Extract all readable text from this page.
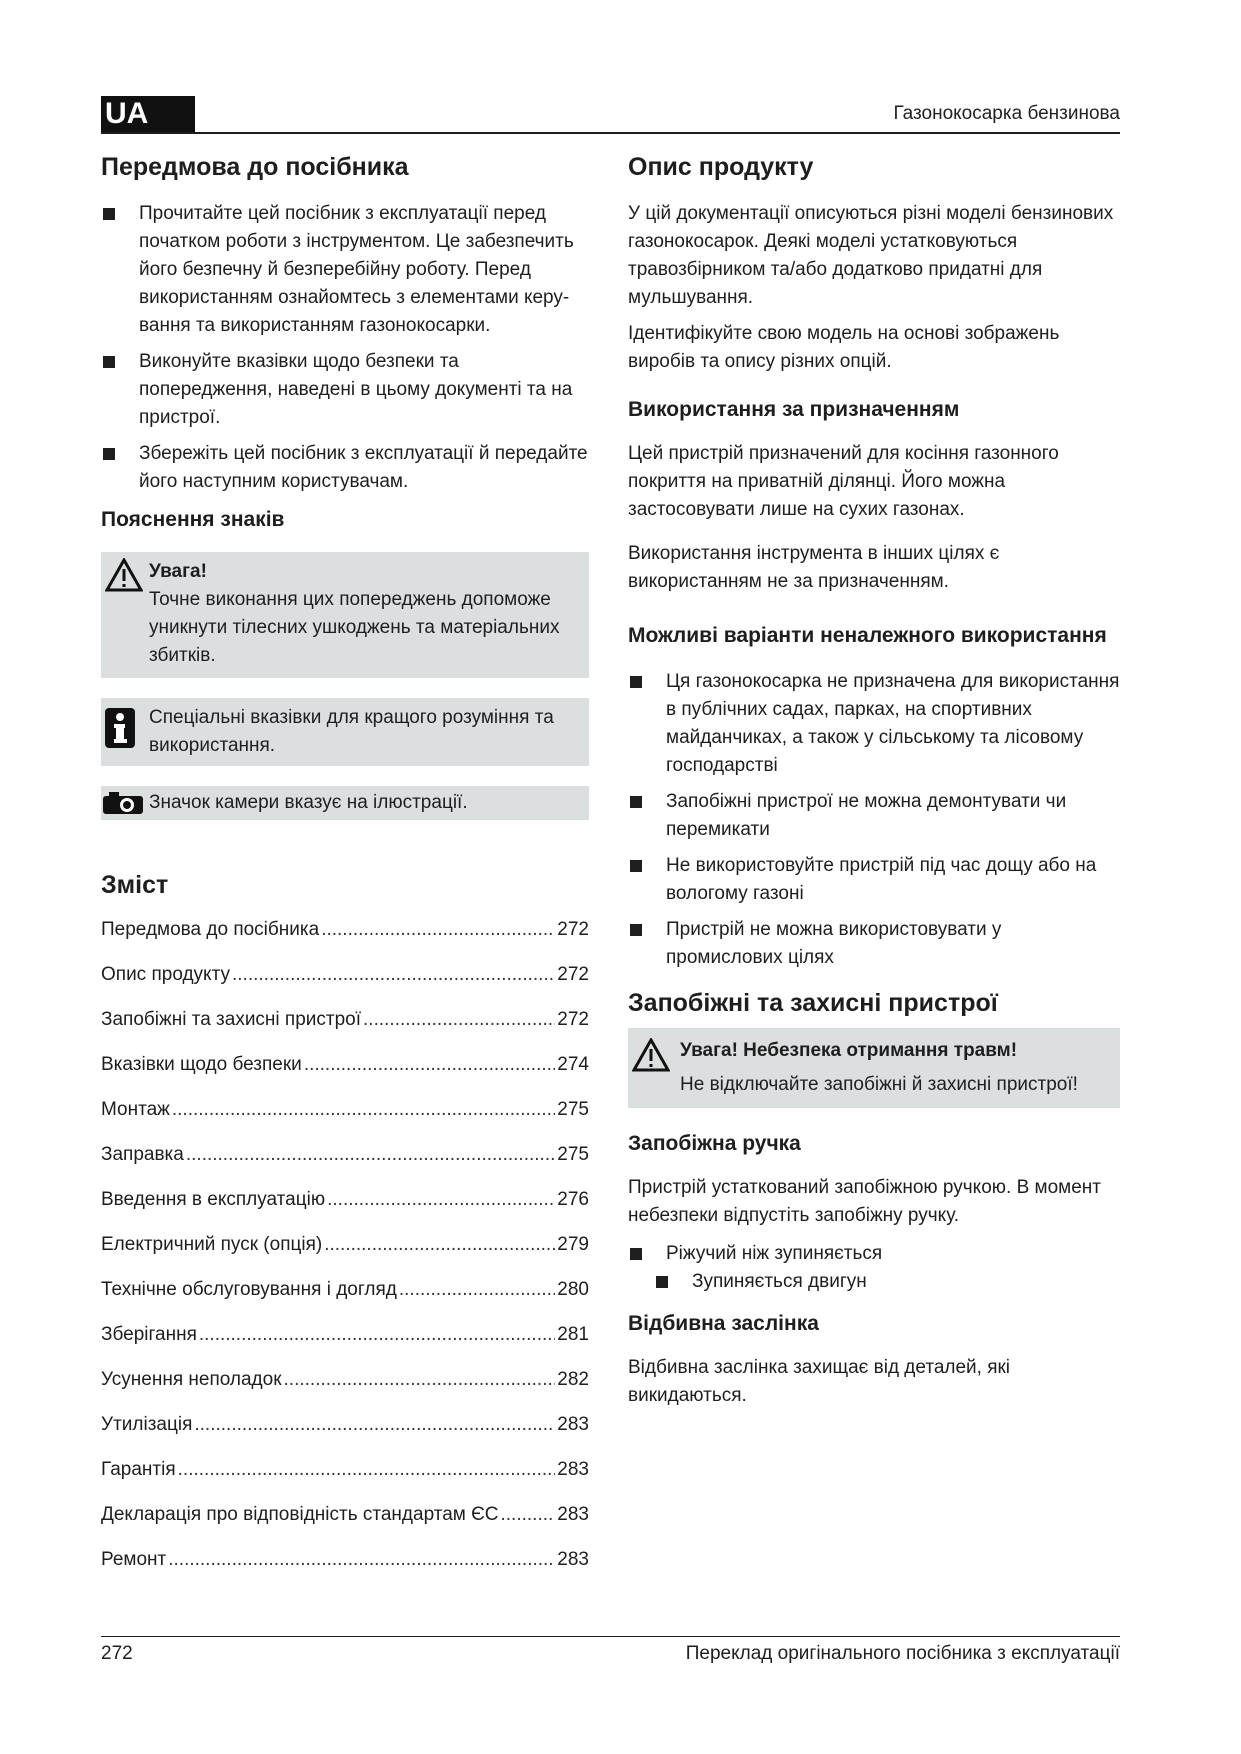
UA	Газонокосарка бензинова
Передмова до посібника
Прочитайте цей посібник з експлуатації перед початком роботи з інструментом. Це забезпечить його безпечну й безперебійну роботу. Перед використанням ознайомтесь з елементами керу-вання та використанням газонокосарки.
Виконуйте вказівки щодо безпеки та попередження, наведені в цьому документі та на пристрої.
Збережіть цей посібник з експлуатації й передайте його наступним користувачам.
Пояснення знаків
Увага!
Точне виконання цих попереджень допоможе уникнути тілесних ушкоджень та матеріальних збитків.
Спеціальні вказівки для кращого розуміння та використання.
Значок камери вказує на ілюстрації.
Зміст
Передмова до посібника .....	272
Опис продукту .....	272
Запобіжні та захисні пристрої .....	272
Вказівки щодо безпеки .....	274
Монтаж .....	275
Заправка .....	275
Введення в експлуатацію .....	276
Електричний пуск (опція) .....	279
Технічне обслуговування і догляд .....	280
Зберігання .....	281
Усунення неполадок .....	282
Утилізація .....	283
Гарантія .....	283
Декларація про відповідність стандартам ЄС .....	283
Ремонт .....	283
Опис продукту

У цій документації описуються різні моделі бензинових газонокосарок. Деякі моделі устатковуються травозбірником та/або додатково придатні для мульшування.

Ідентифікуйте свою модель на основі зображень виробів та опису різних опцій.

Використання за призначенням

Цей пристрій призначений для косіння газонного покриття на приватній ділянці. Його можна застосовувати лише на сухих газонах.

Використання інструмента в інших цілях є використанням не за призначенням.

Можливі варіанти неналежного використання
Ця газонокосарка не призначена для використання в публічних садах, парках, на спортивних майданчиках, а також у сільському та лісовому господарстві
Запобіжні пристрої не можна демонтувати чи перемикати
Не використовуйте пристрій під час дощу або на вологому газоні
Пристрій не можна використовувати у промислових цілях
Запобіжні та захисні пристрої
Увага! Небезпека отримання травм!
Не відключайте запобіжні й захисні пристрої!
Запобіжна ручка

Пристрій устаткований запобіжною ручкою. В момент небезпеки відпустіть запобіжну ручку.

Ріжучий ніж зупиняється
Зупиняється двигун
Відбивна заслінка

Відбивна заслінка захищає від деталей, які викидаються.

272	Переклад оригінального посібника з експлуатації
